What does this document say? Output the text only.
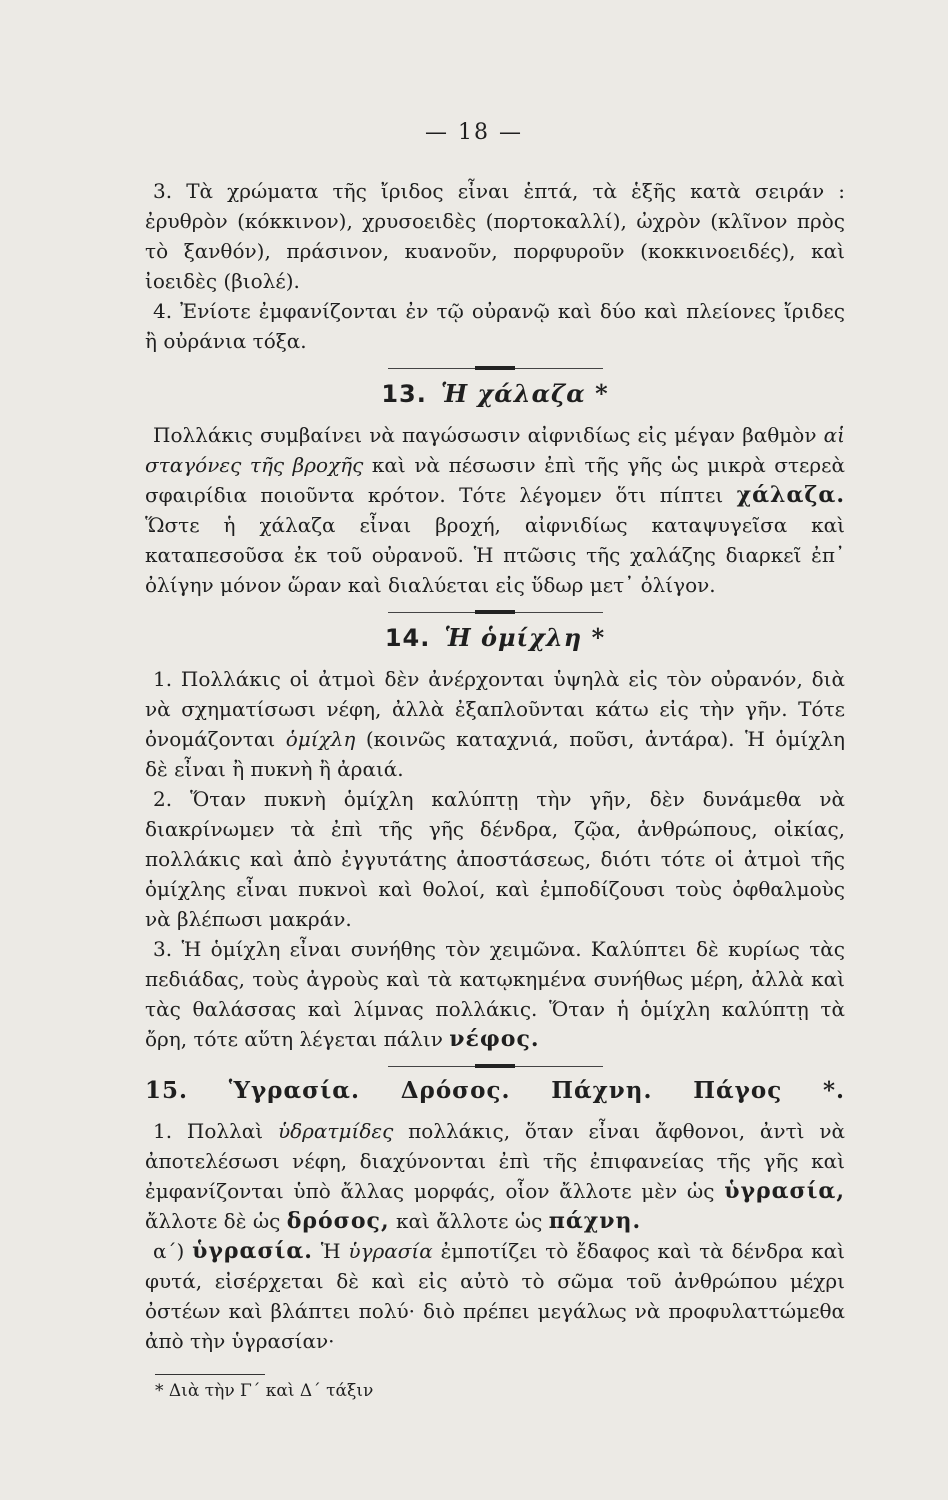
— 18 —

3. Τὰ χρώματα τῆς ἴριδος εἶναι ἑπτά, τὰ ἑξῆς κατὰ σειράν : ἐρυθρὸν (κόκκινον), χρυσοειδὲς (πορτοκαλλί), ὠχρὸν (κλῖνον πρὸς τὸ ξανθόν), πράσινον, κυανοῦν, πορφυροῦν (κοκκινοειδές), καὶ ἰοειδὲς (βιολέ).

4. Ἐνίοτε ἐμφανίζονται ἐν τῷ οὐρανῷ καὶ δύο καὶ πλείονες ἴριδες ἢ οὐράνια τόξα.

13. Ἡ χάλαζα *

Πολλάκις συμβαίνει νὰ παγώσωσιν αἰφνιδίως εἰς μέγαν βαθμὸν αἱ σταγόνες τῆς βροχῆς καὶ νὰ πέσωσιν ἐπὶ τῆς γῆς ὡς μικρὰ στερεὰ σφαιρίδια ποιοῦντα κρότον. Τότε λέγομεν ὅτι πίπτει χάλαζα. Ὥστε ἡ χάλαζα εἶναι βροχή, αἰφνιδίως καταψυγεῖσα καὶ καταπεσοῦσα ἐκ τοῦ οὐρανοῦ. Ἡ πτῶσις τῆς χαλάζης διαρκεῖ ἐπ᾿ ὀλίγην μόνον ὥραν καὶ διαλύεται εἰς ὕδωρ μετ᾿ ὀλίγον.

14. Ἡ ὁμίχλη *

1. Πολλάκις οἱ ἀτμοὶ δὲν ἀνέρχονται ὑψηλὰ εἰς τὸν οὐρανόν, διὰ νὰ σχηματίσωσι νέφη, ἀλλὰ ἐξαπλοῦνται κάτω εἰς τὴν γῆν. Τότε ὀνομάζονται ὁμίχλη (κοινῶς καταχνιά, ποῦσι, ἀντάρα). Ἡ ὁμίχλη δὲ εἶναι ἢ πυκνὴ ἢ ἀραιά.

2. Ὅταν πυκνὴ ὁμίχλη καλύπτῃ τὴν γῆν, δὲν δυνάμεθα νὰ διακρίνωμεν τὰ ἐπὶ τῆς γῆς δένδρα, ζῷα, ἀνθρώπους, οἰκίας, πολλάκις καὶ ἀπὸ ἐγγυτάτης ἀποστάσεως, διότι τότε οἱ ἀτμοὶ τῆς ὁμίχλης εἶναι πυκνοὶ καὶ θολοί, καὶ ἐμποδίζουσι τοὺς ὀφθαλμοὺς νὰ βλέπωσι μακράν.

3. Ἡ ὁμίχλη εἶναι συνήθης τὸν χειμῶνα. Καλύπτει δὲ κυρίως τὰς πεδιάδας, τοὺς ἀγροὺς καὶ τὰ κατῳκημένα συνήθως μέρη, ἀλλὰ καὶ τὰς θαλάσσας καὶ λίμνας πολλάκις. Ὅταν ἡ ὁμίχλη καλύπτῃ τὰ ὄρη, τότε αὕτη λέγεται πάλιν νέφος.

15. Ὑγρασία. Δρόσος. Πάχνη. Πάγος *.

1. Πολλαὶ ὑδρατμίδες πολλάκις, ὅταν εἶναι ἄφθονοι, ἀντὶ νὰ ἀποτελέσωσι νέφη, διαχύνονται ἐπὶ τῆς ἐπιφανείας τῆς γῆς καὶ ἐμφανίζονται ὑπὸ ἄλλας μορφάς, οἷον ἄλλοτε μὲν ὡς ὑγρασία, ἄλλοτε δὲ ὡς δρόσος, καὶ ἄλλοτε ὡς πάχνη.

α΄) ὑγρασία. Ἡ ὑγρασία ἐμποτίζει τὸ ἔδαφος καὶ τὰ δένδρα καὶ φυτά, εἰσέρχεται δὲ καὶ εἰς αὐτὸ τὸ σῶμα τοῦ ἀνθρώπου μέχρι ὀστέων καὶ βλάπτει πολύ· διὸ πρέπει μεγάλως νὰ προφυλαττώμεθα ἀπὸ τὴν ὑγρασίαν·

* Διὰ τὴν Γ΄ καὶ Δ΄ τάξιν
